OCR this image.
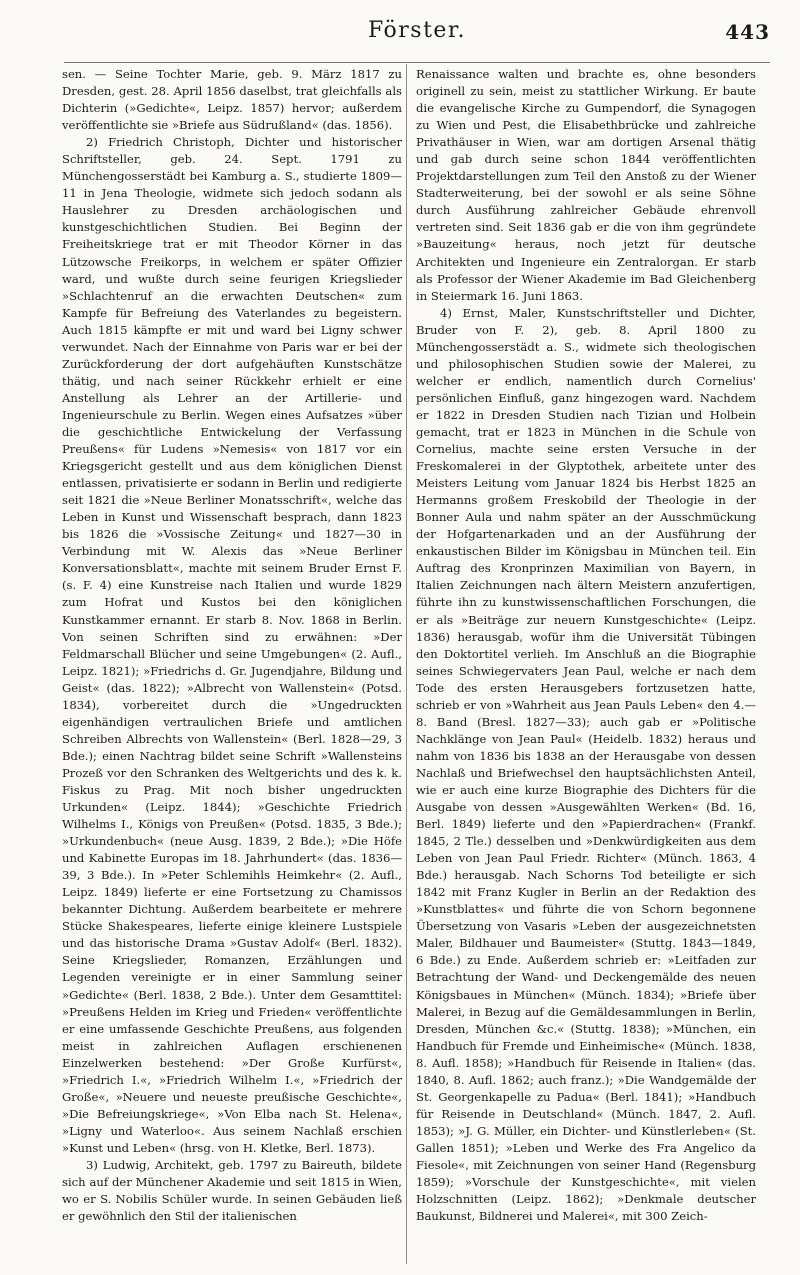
Förster.	443

sen. — Seine Tochter Marie, geb. 9. März 1817 zu Dresden, gest. 28. April 1856 daselbst, trat gleichfalls als Dichterin (»Gedichte«, Leipz. 1857) hervor; außerdem veröffentlichte sie »Briefe aus Südrußland« (das. 1856).

2) Friedrich Christoph, Dichter und historischer Schriftsteller, geb. 24. Sept. 1791 zu Münchengosserstädt bei Kamburg a. S., studierte 1809—11 in Jena Theologie, widmete sich jedoch sodann als Hauslehrer zu Dresden archäologischen und kunstgeschichtlichen Studien. Bei Beginn der Freiheitskriege trat er mit Theodor Körner in das Lützowsche Freikorps, in welchem er später Offizier ward, und wußte durch seine feurigen Kriegslieder »Schlachtenruf an die erwachten Deutschen« zum Kampfe für Befreiung des Vaterlandes zu begeistern. Auch 1815 kämpfte er mit und ward bei Ligny schwer verwundet. Nach der Einnahme von Paris war er bei der Zurückforderung der dort aufgehäuften Kunstschätze thätig, und nach seiner Rückkehr erhielt er eine Anstellung als Lehrer an der Artillerie- und Ingenieurschule zu Berlin. Wegen eines Aufsatzes »über die geschichtliche Entwickelung der Verfassung Preußens« für Ludens »Nemesis« von 1817 vor ein Kriegsgericht gestellt und aus dem königlichen Dienst entlassen, privatisierte er sodann in Berlin und redigierte seit 1821 die »Neue Berliner Monatsschrift«, welche das Leben in Kunst und Wissenschaft besprach, dann 1823 bis 1826 die »Vossische Zeitung« und 1827—30 in Verbindung mit W. Alexis das »Neue Berliner Konversationsblatt«, machte mit seinem Bruder Ernst F. (s. F. 4) eine Kunstreise nach Italien und wurde 1829 zum Hofrat und Kustos bei den königlichen Kunstkammer ernannt. Er starb 8. Nov. 1868 in Berlin. Von seinen Schriften sind zu erwähnen: »Der Feldmarschall Blücher und seine Umgebungen« (2. Aufl., Leipz. 1821); »Friedrichs d. Gr. Jugendjahre, Bildung und Geist« (das. 1822); »Albrecht von Wallenstein« (Potsd. 1834), vorbereitet durch die »Ungedruckten eigenhändigen vertraulichen Briefe und amtlichen Schreiben Albrechts von Wallenstein« (Berl. 1828—29, 3 Bde.); einen Nachtrag bildet seine Schrift »Wallensteins Prozeß vor den Schranken des Weltgerichts und des k. k. Fiskus zu Prag. Mit noch bisher ungedruckten Urkunden« (Leipz. 1844); »Geschichte Friedrich Wilhelms I., Königs von Preußen« (Potsd. 1835, 3 Bde.); »Urkundenbuch« (neue Ausg. 1839, 2 Bde.); »Die Höfe und Kabinette Europas im 18. Jahrhundert« (das. 1836—39, 3 Bde.). In »Peter Schlemihls Heimkehr« (2. Aufl., Leipz. 1849) lieferte er eine Fortsetzung zu Chamissos bekannter Dichtung. Außerdem bearbeitete er mehrere Stücke Shakespeares, lieferte einige kleinere Lustspiele und das historische Drama »Gustav Adolf« (Berl. 1832). Seine Kriegslieder, Romanzen, Erzählungen und Legenden vereinigte er in einer Sammlung seiner »Gedichte« (Berl. 1838, 2 Bde.). Unter dem Gesamttitel: »Preußens Helden im Krieg und Frieden« veröffentlichte er eine umfassende Geschichte Preußens, aus folgenden meist in zahlreichen Auflagen erschienenen Einzelwerken bestehend: »Der Große Kurfürst«, »Friedrich I.«, »Friedrich Wilhelm I.«, »Friedrich der Große«, »Neuere und neueste preußische Geschichte«, »Die Befreiungskriege«, »Von Elba nach St. Helena«, »Ligny und Waterloo«. Aus seinem Nachlaß erschien »Kunst und Leben« (hrsg. von H. Kletke, Berl. 1873).

3) Ludwig, Architekt, geb. 1797 zu Baireuth, bildete sich auf der Münchener Akademie und seit 1815 in Wien, wo er S. Nobilis Schüler wurde. In seinen Gebäuden ließ er gewöhnlich den Stil der italienischen

Renaissance walten und brachte es, ohne besonders originell zu sein, meist zu stattlicher Wirkung. Er baute die evangelische Kirche zu Gumpendorf, die Synagogen zu Wien und Pest, die Elisabethbrücke und zahlreiche Privathäuser in Wien, war am dortigen Arsenal thätig und gab durch seine schon 1844 veröffentlichten Projektdarstellungen zum Teil den Anstoß zu der Wiener Stadterweiterung, bei der sowohl er als seine Söhne durch Ausführung zahlreicher Gebäude ehrenvoll vertreten sind. Seit 1836 gab er die von ihm gegründete »Bauzeitung« heraus, noch jetzt für deutsche Architekten und Ingenieure ein Zentralorgan. Er starb als Professor der Wiener Akademie im Bad Gleichenberg in Steiermark 16. Juni 1863.

4) Ernst, Maler, Kunstschriftsteller und Dichter, Bruder von F. 2), geb. 8. April 1800 zu Münchengosserstädt a. S., widmete sich theologischen und philosophischen Studien sowie der Malerei, zu welcher er endlich, namentlich durch Cornelius' persönlichen Einfluß, ganz hingezogen ward. Nachdem er 1822 in Dresden Studien nach Tizian und Holbein gemacht, trat er 1823 in München in die Schule von Cornelius, machte seine ersten Versuche in der Freskomalerei in der Glyptothek, arbeitete unter des Meisters Leitung vom Januar 1824 bis Herbst 1825 an Hermanns großem Freskobild der Theologie in der Bonner Aula und nahm später an der Ausschmückung der Hofgartenarkaden und an der Ausführung der enkaustischen Bilder im Königsbau in München teil. Ein Auftrag des Kronprinzen Maximilian von Bayern, in Italien Zeichnungen nach ältern Meistern anzufertigen, führte ihn zu kunstwissenschaftlichen Forschungen, die er als »Beiträge zur neuern Kunstgeschichte« (Leipz. 1836) herausgab, wofür ihm die Universität Tübingen den Doktortitel verlieh. Im Anschluß an die Biographie seines Schwiegervaters Jean Paul, welche er nach dem Tode des ersten Herausgebers fortzusetzen hatte, schrieb er von »Wahrheit aus Jean Pauls Leben« den 4.—8. Band (Bresl. 1827—33); auch gab er »Politische Nachklänge von Jean Paul« (Heidelb. 1832) heraus und nahm von 1836 bis 1838 an der Herausgabe von dessen Nachlaß und Briefwechsel den hauptsächlichsten Anteil, wie er auch eine kurze Biographie des Dichters für die Ausgabe von dessen »Ausgewählten Werken« (Bd. 16, Berl. 1849) lieferte und den »Papierdrachen« (Frankf. 1845, 2 Tle.) desselben und »Denkwürdigkeiten aus dem Leben von Jean Paul Friedr. Richter« (Münch. 1863, 4 Bde.) herausgab. Nach Schorns Tod beteiligte er sich 1842 mit Franz Kugler in Berlin an der Redaktion des »Kunstblattes« und führte die von Schorn begonnene Übersetzung von Vasaris »Leben der ausgezeichnetsten Maler, Bildhauer und Baumeister« (Stuttg. 1843—1849, 6 Bde.) zu Ende. Außerdem schrieb er: »Leitfaden zur Betrachtung der Wand- und Deckengemälde des neuen Königsbaues in München« (Münch. 1834); »Briefe über Malerei, in Bezug auf die Gemäldesammlungen in Berlin, Dresden, München &c.« (Stuttg. 1838); »München, ein Handbuch für Fremde und Einheimische« (Münch. 1838, 8. Aufl. 1858); »Handbuch für Reisende in Italien« (das. 1840, 8. Aufl. 1862; auch franz.); »Die Wandgemälde der St. Georgenkapelle zu Padua« (Berl. 1841); »Handbuch für Reisende in Deutschland« (Münch. 1847, 2. Aufl. 1853); »J. G. Müller, ein Dichter- und Künstlerleben« (St. Gallen 1851); »Leben und Werke des Fra Angelico da Fiesole«, mit Zeichnungen von seiner Hand (Regensburg 1859); »Vorschule der Kunstgeschichte«, mit vielen Holzschnitten (Leipz. 1862); »Denkmale deutscher Baukunst, Bildnerei und Malerei«, mit 300 Zeich-
